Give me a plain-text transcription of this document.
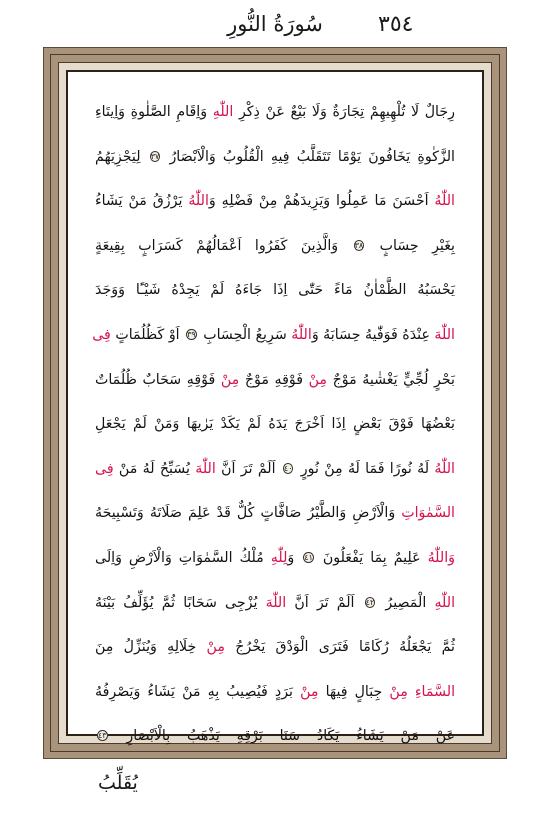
٣٥٤
سُورَةُ النُّورِ
رِجَالٌ لَا تُلْهِيهِمْ تِجَارَةٌ وَلَا بَيْعٌ عَنْ ذِكْرِ اللّٰهِ وَاِقَامِ الصَّلٰوةِ وَاِيتَاءِ
الزَّكٰوةِ يَخَافُونَ يَوْمًا تَتَقَلَّبُ فِيهِ الْقُلُوبُ وَالْاَبْصَارُ ٣٧ لِيَجْزِيَهُمُ
اللّٰهُ اَحْسَنَ مَا عَمِلُوا وَيَزِيدَهُمْ مِنْ فَضْلِهِ وَاللّٰهُ يَرْزُقُ مَنْ يَشَاءُ
بِغَيْرِ حِسَابٍ ٣٨ وَالَّذِينَ كَفَرُوا اَعْمَالُهُمْ كَسَرَابٍ بِقِيعَةٍ
يَحْسَبُهُ الظَّمْاٰنُ مَاءً حَتّٰى اِذَا جَاءَهُ لَمْ يَجِدْهُ شَيْـًٔا وَوَجَدَ
اللّٰهَ عِنْدَهُ فَوَفّٰيهُ حِسَابَهُ وَاللّٰهُ سَرِيعُ الْحِسَابِ ٣٩ اَوْ كَظُلُمَاتٍ فِى
بَحْرٍ لُجِّيٍّ يَغْشٰيهُ مَوْجٌ مِنْ فَوْقِهِ مَوْجٌ مِنْ فَوْقِهِ سَحَابٌ ظُلُمَاتٌ
بَعْضُهَا فَوْقَ بَعْضٍ اِذَا اَخْرَجَ يَدَهُ لَمْ يَكَدْ يَرٰيهَا وَمَنْ لَمْ يَجْعَلِ
اللّٰهُ لَهُ نُورًا فَمَا لَهُ مِنْ نُورٍ ٤٠ اَلَمْ تَرَ اَنَّ اللّٰهَ يُسَبِّحُ لَهُ مَنْ فِى
السَّمٰوَاتِ وَالْاَرْضِ وَالطَّيْرُ صَافَّاتٍ كُلٌّ قَدْ عَلِمَ صَلَاتَهُ وَتَسْبِيحَهُ
وَاللّٰهُ عَلِيمٌ بِمَا يَفْعَلُونَ ٤١ وَلِلّٰهِ مُلْكُ السَّمٰوَاتِ وَالْاَرْضِ وَاِلَى
اللّٰهِ الْمَصِيرُ ٤٢ اَلَمْ تَرَ اَنَّ اللّٰهَ يُزْجِى سَحَابًا ثُمَّ يُؤَلِّفُ بَيْنَهُ
ثُمَّ يَجْعَلُهُ رُكَامًا فَتَرَى الْوَدْقَ يَخْرُجُ مِنْ خِلَالِهِ وَيُنَزِّلُ مِنَ
السَّمَاءِ مِنْ جِبَالٍ فِيهَا مِنْ بَرَدٍ فَيُصِيبُ بِهِ مَنْ يَشَاءُ وَيَصْرِفُهُ
عَنْ مَنْ يَشَاءُ يَكَادُ سَنَا بَرْقِهِ يَذْهَبُ بِالْاَبْصَارِ ٤٣
يُقَلِّبُ
